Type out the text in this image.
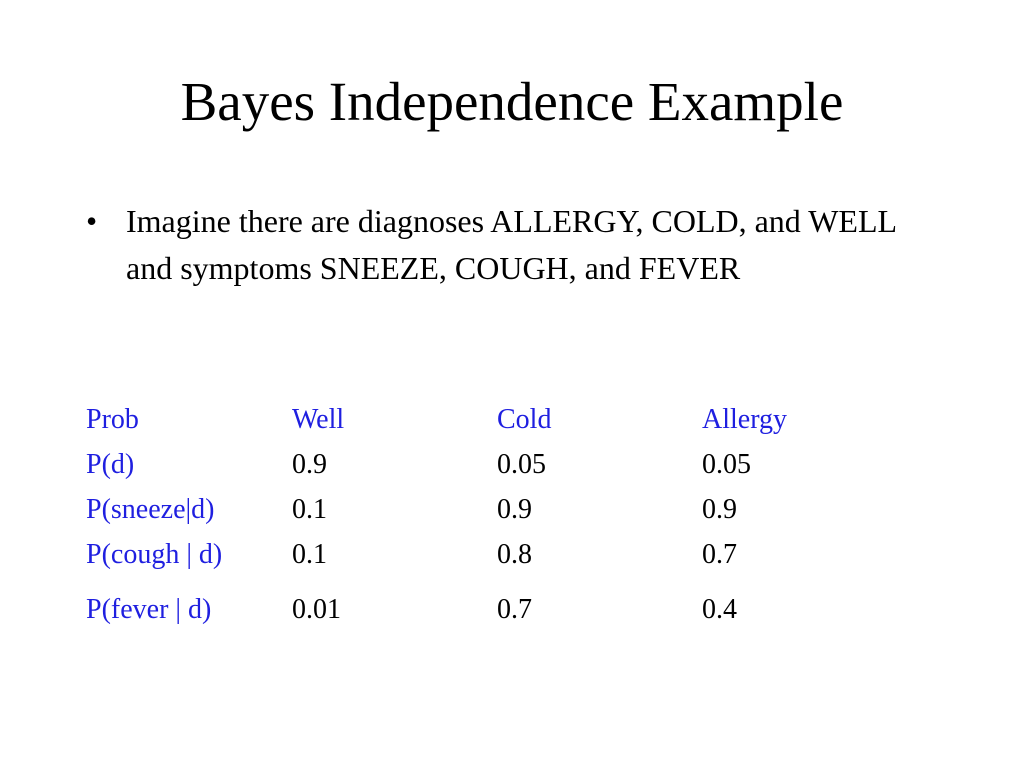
Bayes Independence Example
• Imagine there are diagnoses ALLERGY, COLD, and WELL and symptoms SNEEZE, COUGH, and FEVER
Prob	Well	Cold	Allergy
P(d)	0.9	0.05	0.05
P(sneeze|d)	0.1	0.9	0.9
P(cough | d)	0.1	0.8	0.7
P(fever | d)	0.01	0.7	0.4
